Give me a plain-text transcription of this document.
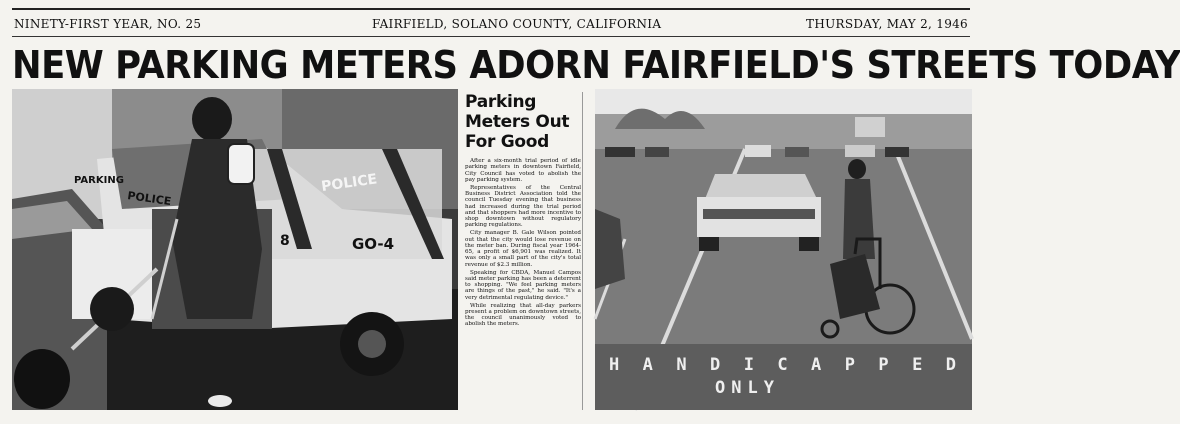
NINETY-FIRST YEAR, NO. 25	FAIRFIELD, SOLANO COUNTY, CALIFORNIA	THURSDAY, MAY 2, 1946
NEW PARKING METERS ADORN FAIRFIELD'S STREETS TODAY
PARKING
POLICE
POLICE
8	GO-4
Parking Meters Out For Good

After a six-month trial period of idle parking meters in downtown Fairfield, City Council has voted to abolish the pay parking system.

Representatives of the Central Business District Association told the council Tuesday evening that business had increased during the trial period and that shoppers had more incentive to shop downtown without regulatory parking regulations.

City manager B. Gale Wilson pointed out that the city would lose revenue on the meter ban. During fiscal year 1964-65, a profit of $6,901 was realized. It was only a small part of the city's total revenue of $2.3 million.

Speaking for CBDA, Manuel Campos said meter parking has been a deterrent to shopping. "We feel parking meters are things of the past," he said. "It's a very detrimental regulating device."

While realizing that all-day parkers present a problem on downtown streets, the council unanimously voted to abolish the meters.

HANDICAPPED
ONLY
